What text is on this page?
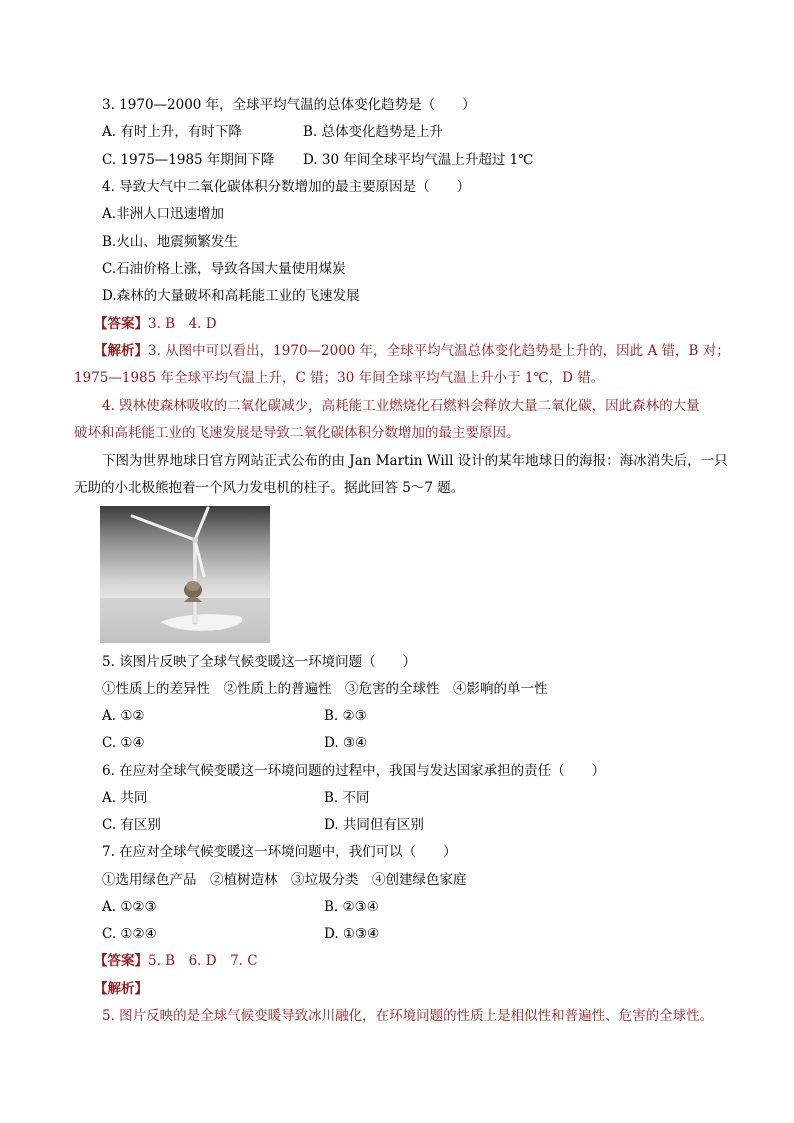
3. 1970—2000 年，全球平均气温的总体变化趋势是（　　）
A. 有时上升，有时下降	B. 总体变化趋势是上升
C. 1975—1985 年期间下降 D. 30 年间全球平均气温上升超过 1℃
4. 导致大气中二氧化碳体积分数增加的最主要原因是（　　）
A.非洲人口迅速增加
B.火山、地震频繁发生
C.石油价格上涨，导致各国大量使用煤炭
D.森林的大量破坏和高耗能工业的飞速发展
【答案】3. B　4. D
【解析】3. 从图中可以看出，1970—2000 年，全球平均气温总体变化趋势是上升的，因此 A 错，B 对；
1975—1985 年全球平均气温上升，C 错；30 年间全球平均气温上升小于 1℃，D 错。
4. 毁林使森林吸收的二氧化碳减少，高耗能工业燃烧化石燃料会释放大量二氧化碳，因此森林的大量
破坏和高耗能工业的飞速发展是导致二氧化碳体积分数增加的最主要原因。
下图为世界地球日官方网站正式公布的由 Jan Martin Will 设计的某年地球日的海报：海冰消失后，一只
无助的小北极熊抱着一个风力发电机的柱子。据此回答 5～7 题。
5. 该图片反映了全球气候变暖这一环境问题（　　）
①性质上的差异性　②性质上的普遍性　③危害的全球性　④影响的单一性
A. ①②	B. ②③
C. ①④	D. ③④
6. 在应对全球气候变暖这一环境问题的过程中，我国与发达国家承担的责任（　　）
A. 共同	B. 不同
C. 有区别	D. 共同但有区别
7. 在应对全球气候变暖这一环境问题中，我们可以（　　）
①选用绿色产品　②植树造林　③垃圾分类　④创建绿色家庭
A. ①②③	B. ②③④
C. ①②④	D. ①③④
【答案】5. B　6. D　7. C
【解析】
5. 图片反映的是全球气候变暖导致冰川融化，在环境问题的性质上是相似性和普遍性、危害的全球性。
